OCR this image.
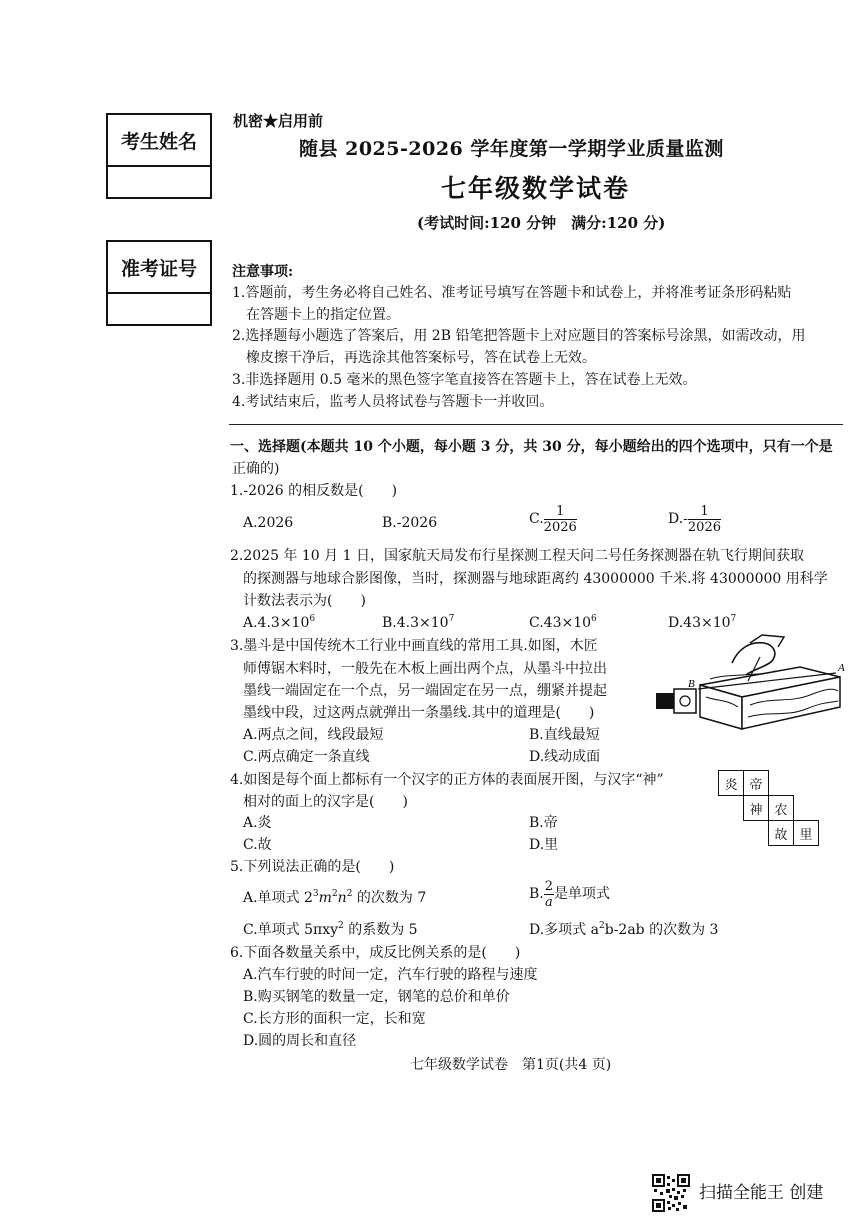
考生姓名
准考证号
机密★启用前
随县 2025-2026 学年度第一学期学业质量监测
七年级数学试卷
(考试时间:120 分钟　满分:120 分)
注意事项:
1.答题前，考生务必将自己姓名、准考证号填写在答题卡和试卷上，并将准考证条形码粘贴
在答题卡上的指定位置。
2.选择题每小题选了答案后，用 2B 铅笔把答题卡上对应题目的答案标号涂黑，如需改动，用
橡皮擦干净后，再选涂其他答案标号，答在试卷上无效。
3.非选择题用 0.5 毫米的黑色签字笔直接答在答题卡上，答在试卷上无效。
4.考试结束后，监考人员将试卷与答题卡一并收回。
一、选择题(本题共 10 个小题，每小题 3 分，共 30 分，每小题给出的四个选项中，只有一个是
正确的)
1.-2026 的相反数是(　　)
A.2026	B.-2026	C. $\frac{1}{2026}$	$D.- \frac{1}{2026}$
2.2025 年 10 月 1 日，国家航天局发布行星探测工程天问二号任务探测器在轨飞行期间获取
的探测器与地球合影图像，当时，探测器与地球距离约 43000000 千米.将 43000000 用科学
计数法表示为(　　)
$A.4.3\times 10^6$	$B.4.3\times 10^7$	$C.43\times 10^6$	$D.43\times 10^7$
3.墨斗是中国传统木工行业中画直线的常用工具.如图，木匠
师傅锯木料时，一般先在木板上画出两个点，从墨斗中拉出
墨线一端固定在一个点，另一端固定在另一点，绷紧并提起
墨线中段，过这两点就弹出一条墨线.其中的道理是(　　)
A.两点之间，线段最短	B.直线最短
C.两点确定一条直线	D.线动成面
B
A
4.如图是每个面上都标有一个汉字的正方体的表面展开图，与汉字“神”
相对的面上的汉字是(　　)
A.炎	B.帝
C.故	D.里
炎 帝
神 农
故 里
5.下列说法正确的是(　　)
A.单项式 $2^3m^2n^2$ 的次数为 7	B. $\frac{2}{a}$ 是单项式
C.单项式 5πxy$^2$ 的系数为 5	D.多项式 $a^2b-2ab$ 的次数为 3
6.下面各数量关系中，成反比例关系的是(　　)
A.汽车行驶的时间一定，汽车行驶的路程与速度
B.购买钢笔的数量一定，钢笔的总价和单价
C.长方形的面积一定，长和宽
D.圆的周长和直径
七年级数学试卷　第1页(共4 页)
扫描全能王 创建
